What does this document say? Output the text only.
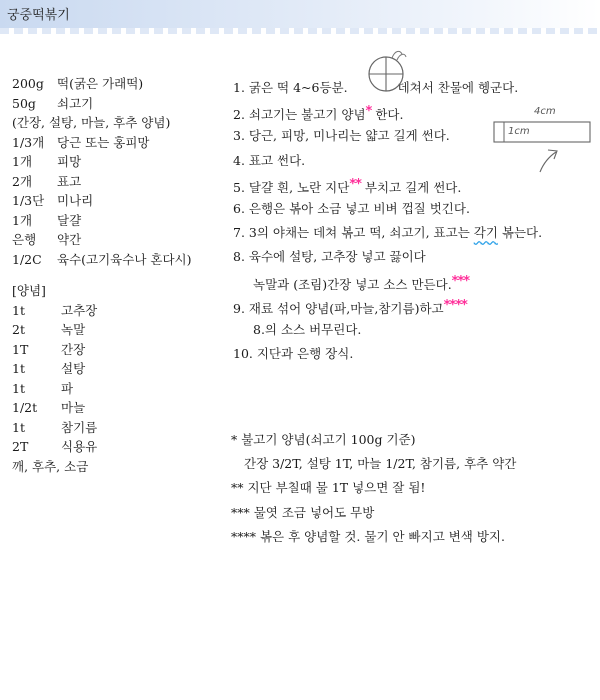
궁중떡볶기
200g	떡(굵은 가래떡)
50g	쇠고기
(간장, 설탕, 마늘, 후추 양념)
1/3개	당근 또는 홍피망
1개	피망
2개	표고
1/3단	미나리
1개	달걀
은행	약간
1/2C	육수(고기육수나 혼다시)
[양념]
1t	고추장
2t	녹말
1T	간장
1t	설탕
1t	파
1/2t	마늘
1t	참기름
2T	식용유
깨, 후추, 소금
1. 굵은 떡 4~6등분.	데쳐서 찬물에 헹군다.
2. 쇠고기는 불고기 양념* 한다.
3. 당근, 피망, 미나리는 얇고 길게 썬다.
4. 표고 썬다.
5. 달걀 흰, 노란 지단** 부치고 길게 썬다.
6. 은행은 볶아 소금 넣고 비벼 껍질 벗긴다.
7. 3의 야채는 데쳐 볶고 떡, 쇠고기, 표고는 각기 볶는다.
8. 육수에 설탕, 고추장 넣고 끓이다
녹말과 (조림)간장 넣고 소스 만든다.***
9. 재료 섞어 양념(파,마늘,참기름)하고****
8.의 소스 버무린다.
10. 지단과 은행 장식.
4cm
1cm
* 불고기 양념(쇠고기 100g 기준)
간장 3/2T, 설탕 1T, 마늘 1/2T, 참기름, 후추 약간
** 지단 부칠때 물 1T 넣으면 잘 됨!
*** 물엿 조금 넣어도 무방
**** 볶은 후 양념할 것. 물기 안 빠지고 변색 방지.
